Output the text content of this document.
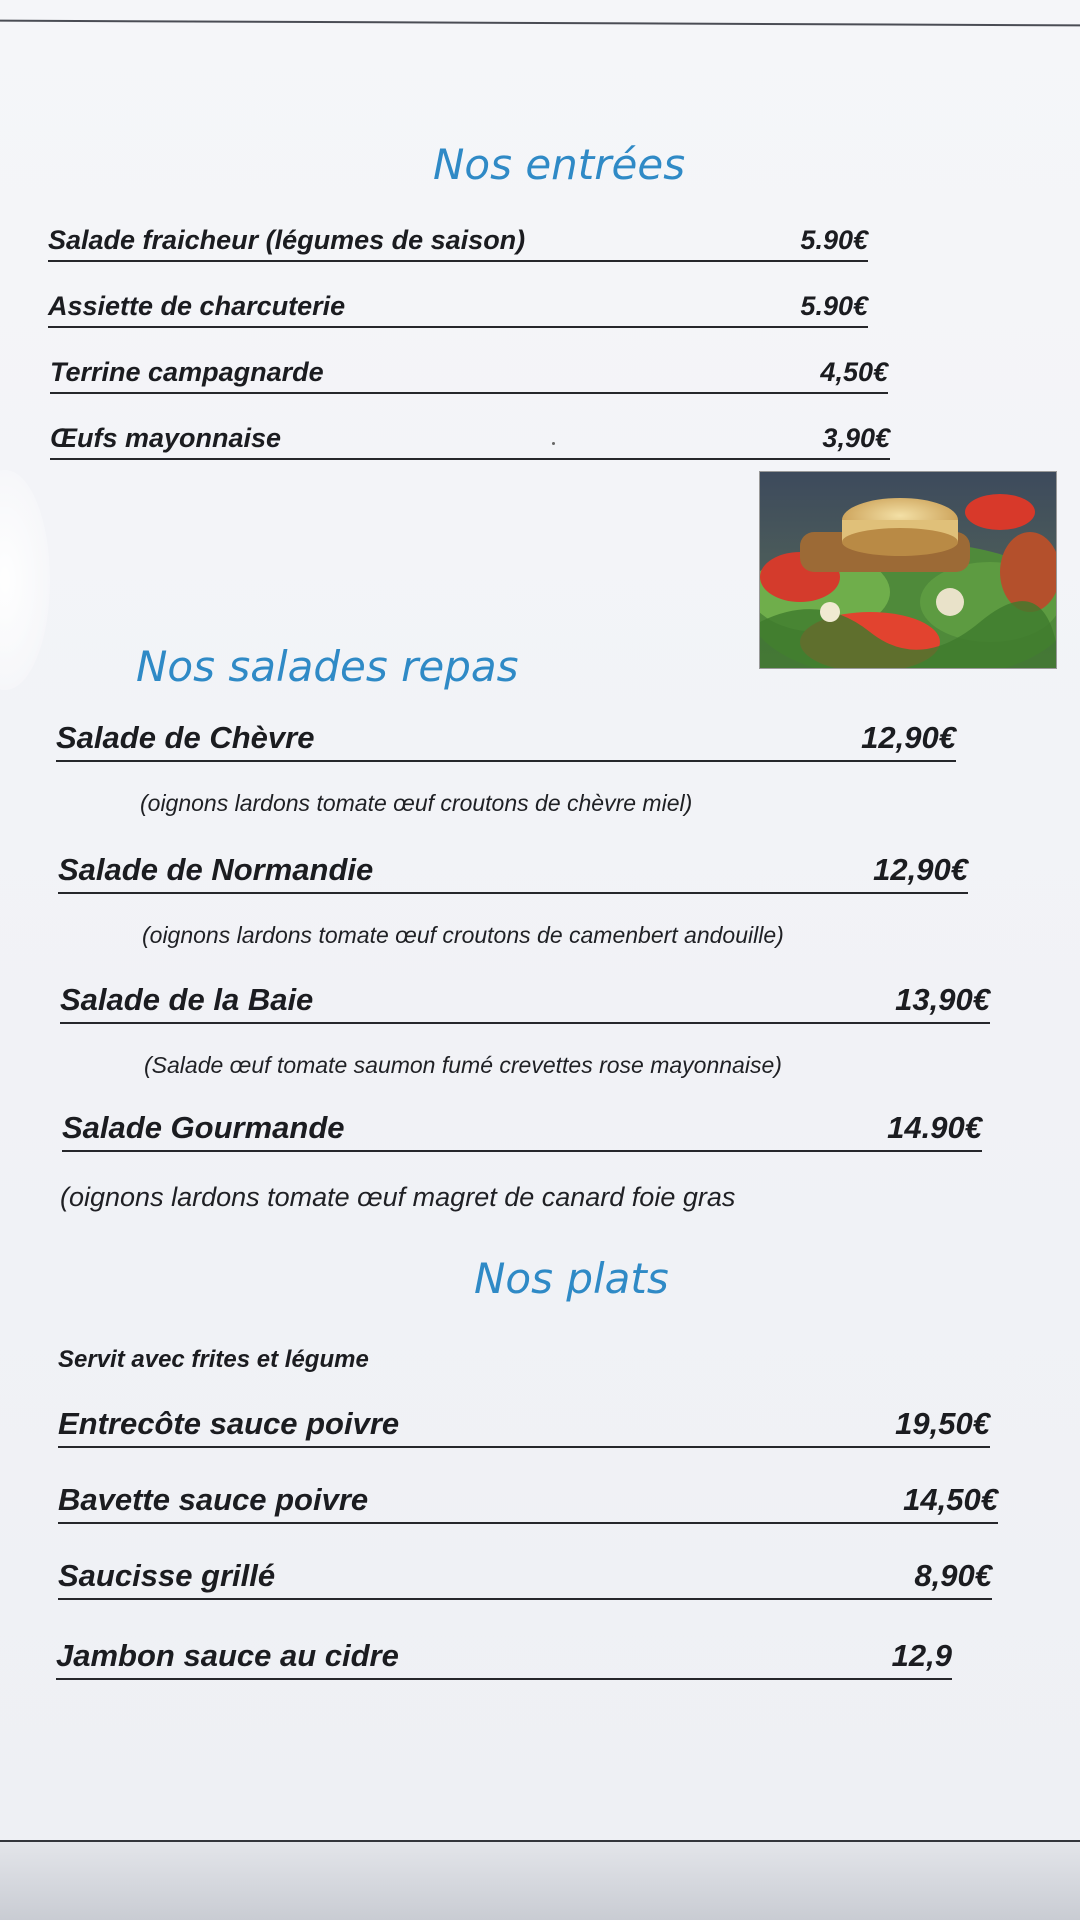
Nos entrées
Salade fraicheur (légumes de saison)	5.90€
Assiette de charcuterie	5.90€
Terrine campagnarde	4,50€
Œufs mayonnaise	3,90€
Nos salades repas
Salade de Chèvre	12,90€

(oignons lardons tomate œuf croutons de chèvre miel)

Salade de Normandie	12,90€

(oignons lardons tomate œuf croutons de camenbert andouille)

Salade de la Baie	13,90€

(Salade œuf tomate saumon fumé crevettes rose mayonnaise)

Salade Gourmande	14.90€

(oignons lardons tomate œuf magret de canard foie gras

Nos plats

Servit avec frites et légume

Entrecôte sauce poivre	19,50€
Bavette sauce poivre	14,50€
Saucisse grillé	8,90€
Jambon sauce au cidre	12,9
